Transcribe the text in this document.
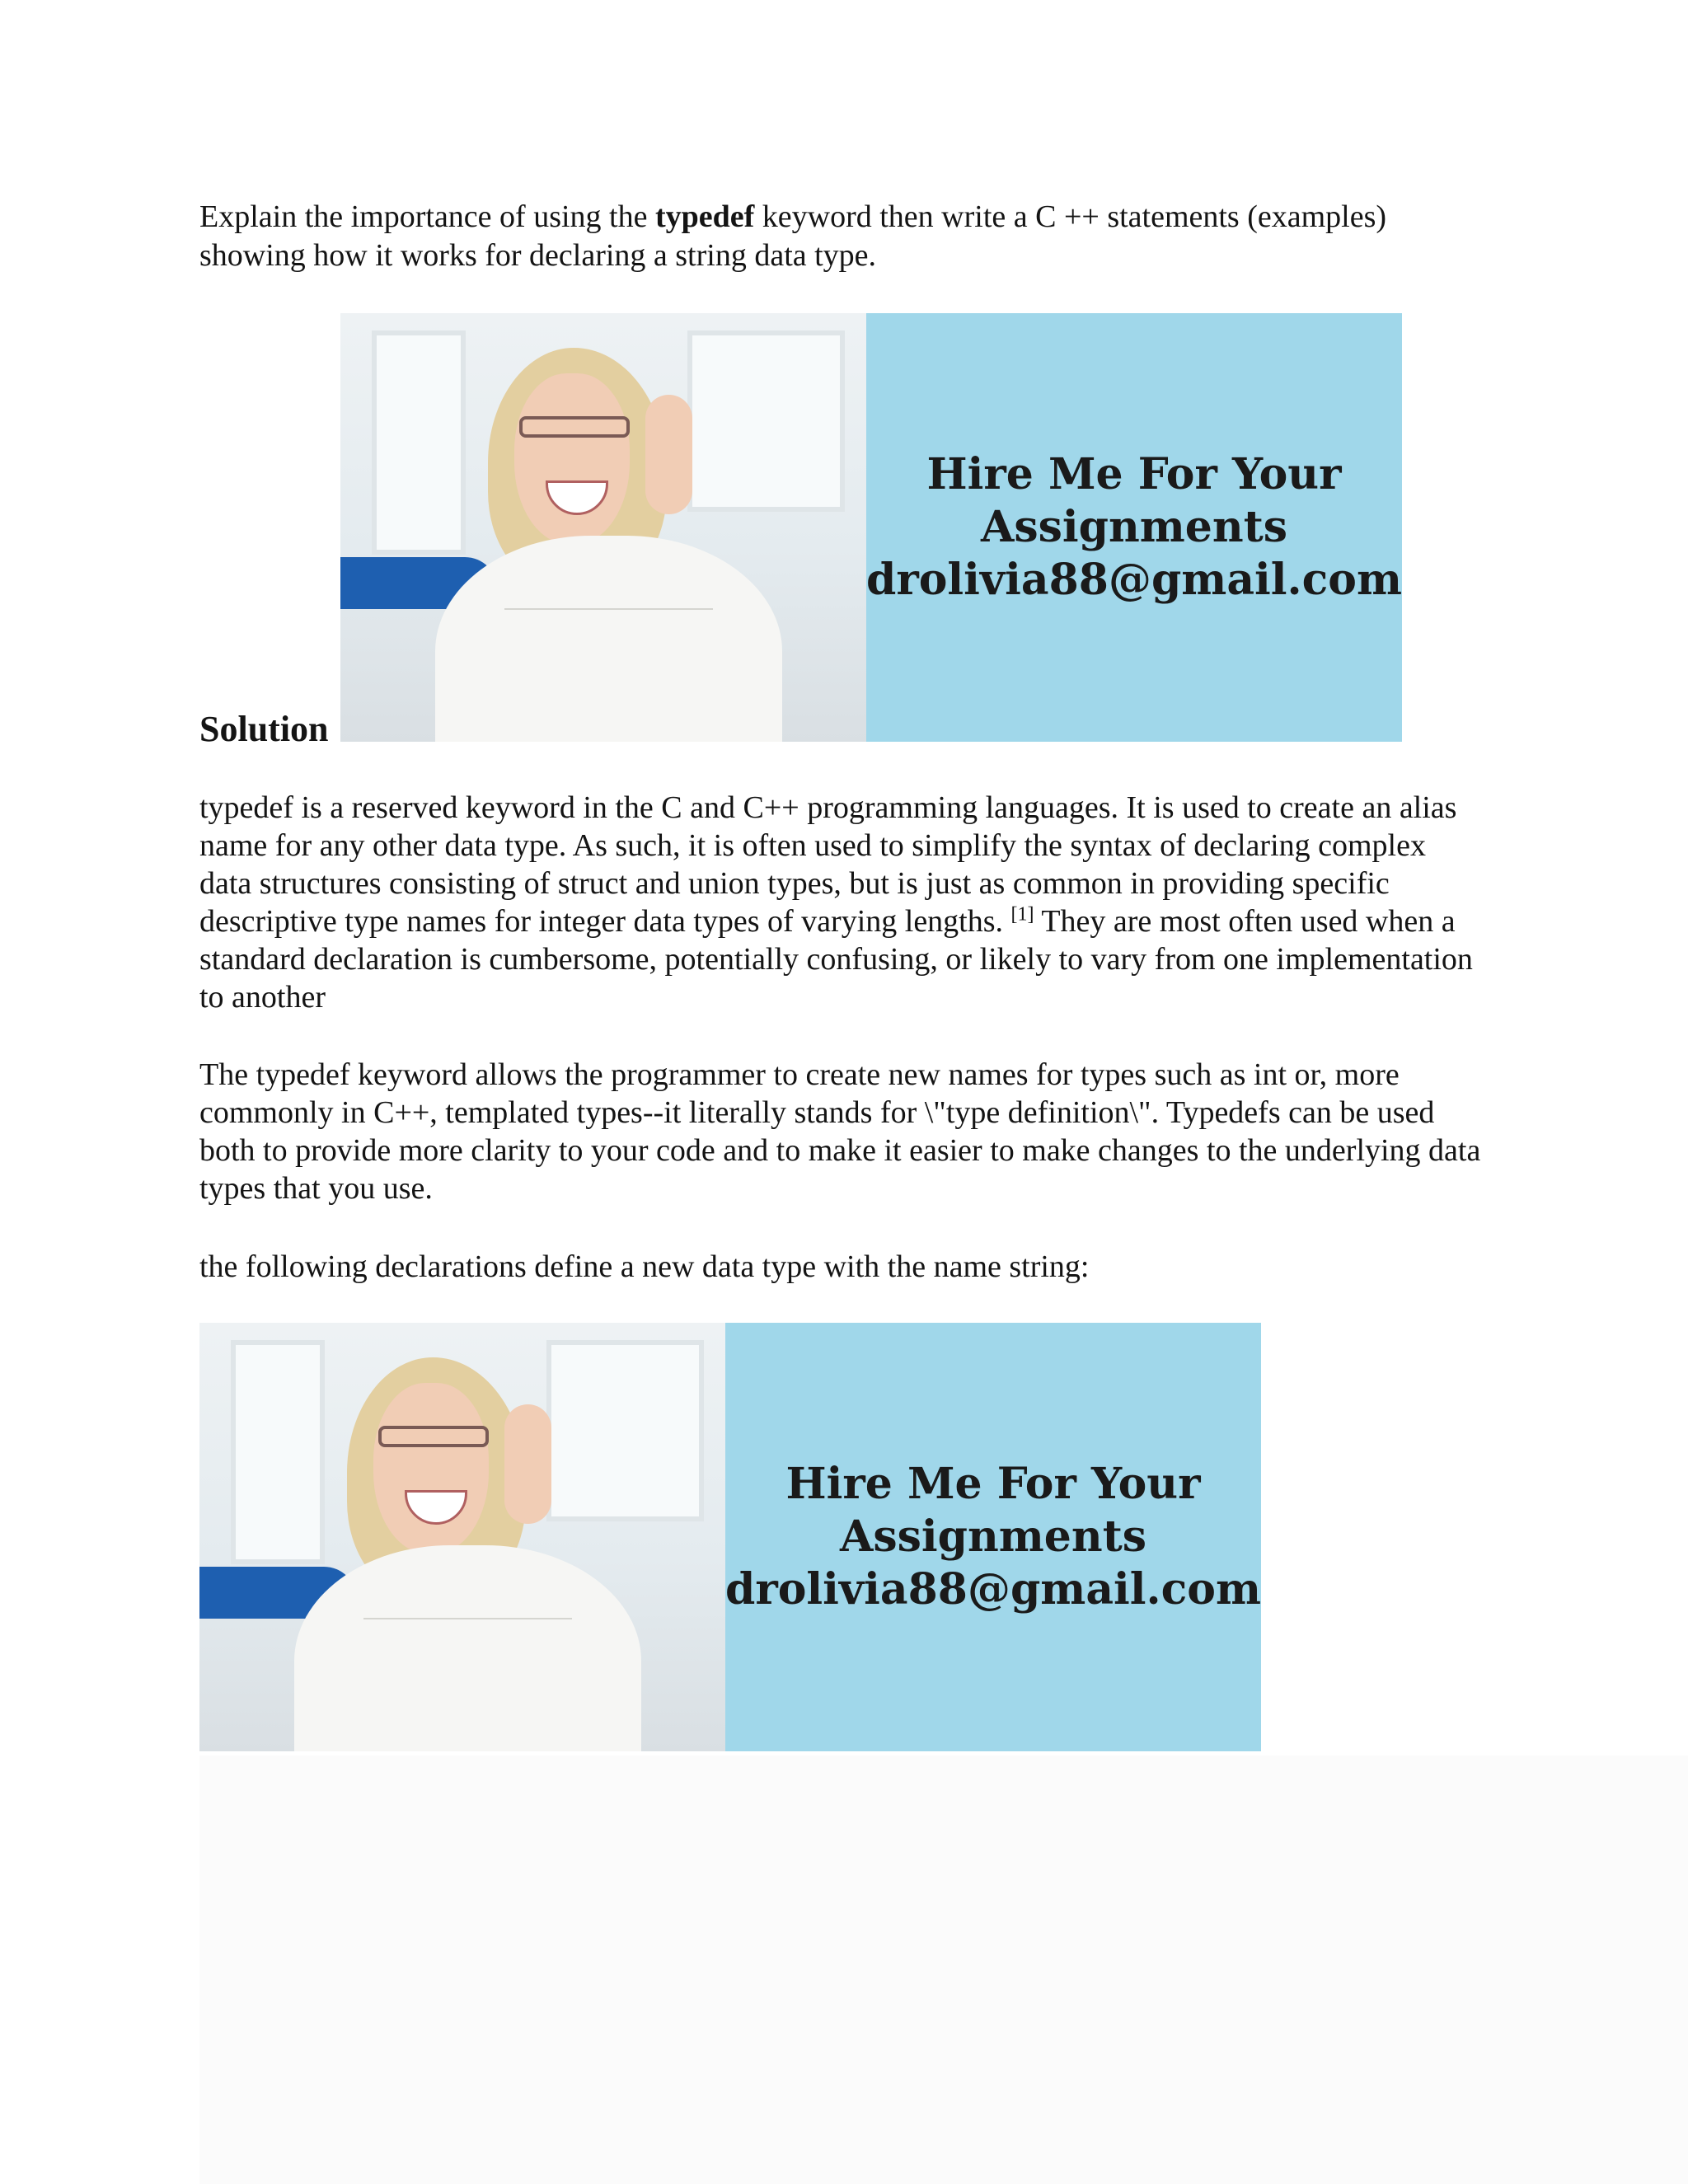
Explain the importance of using the typedef keyword then write a C ++ statements (examples) showing how it works for declaring a string data type.

Hire Me For Your
Assignments
drolivia88@gmail.com
Solution

typedef is a reserved keyword in the C and C++ programming languages. It is used to create an alias name for any other data type. As such, it is often used to simplify the syntax of declaring complex data structures consisting of struct and union types, but is just as common in providing specific descriptive type names for integer data types of varying lengths. [1] They are most often used when a standard declaration is cumbersome, potentially confusing, or likely to vary from one implementation to another

The typedef keyword allows the programmer to create new names for types such as int or, more commonly in C++, templated types--it literally stands for \"type definition\". Typedefs can be used both to provide more clarity to your code and to make it easier to make changes to the underlying data types that you use.

the following declarations define a new data type with the name string:

Hire Me For Your
Assignments
drolivia88@gmail.com
